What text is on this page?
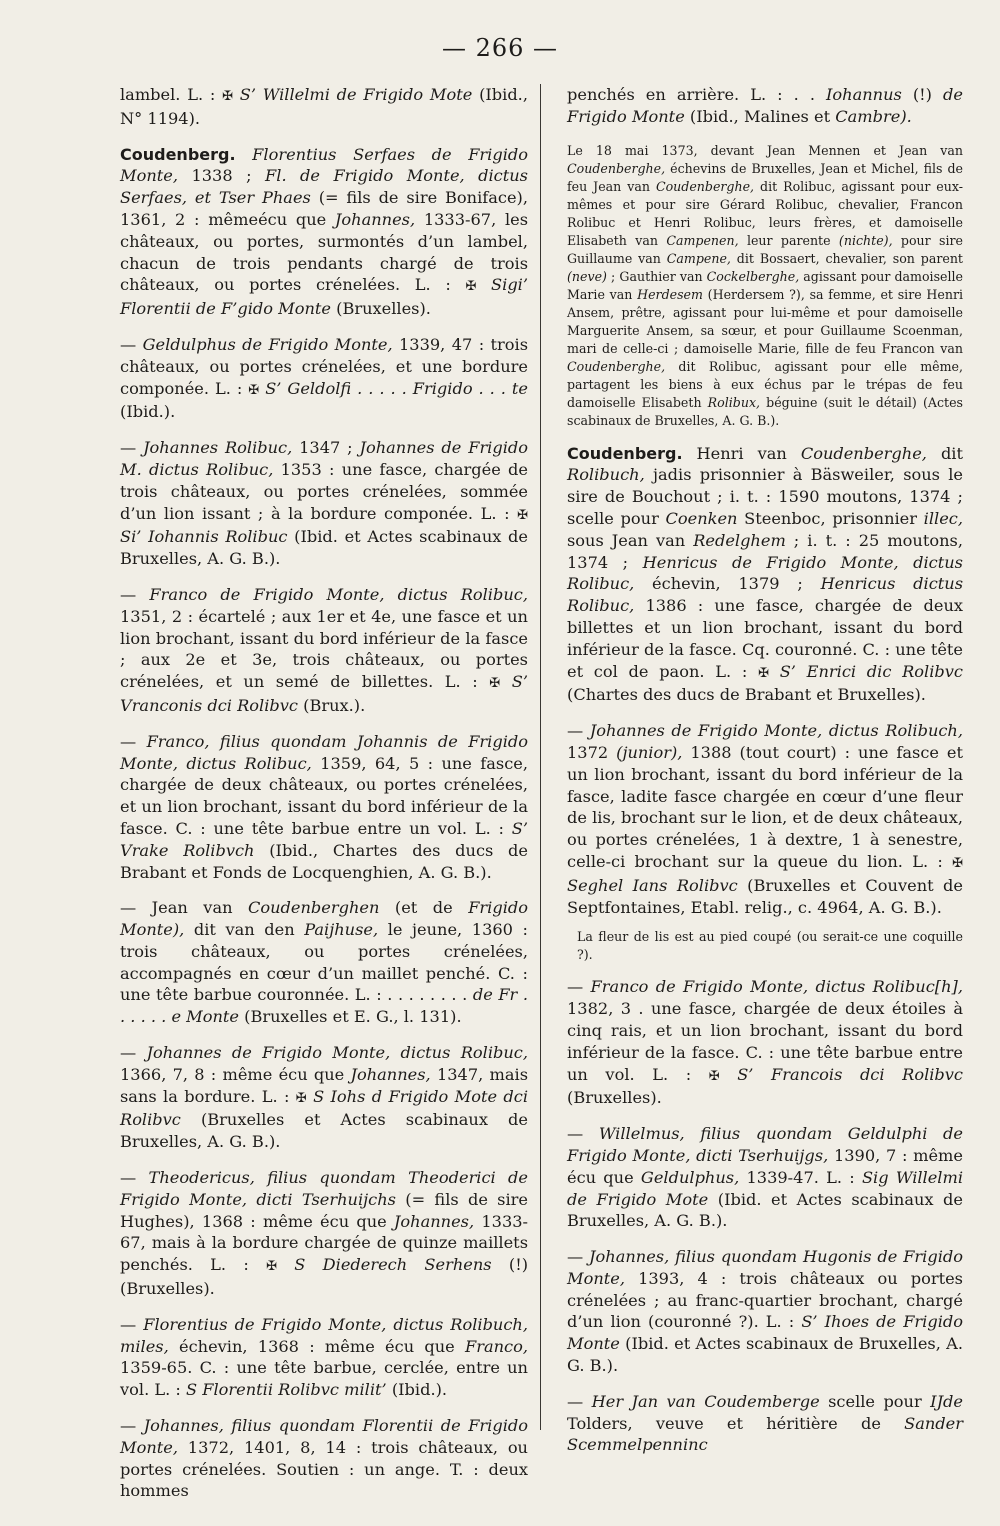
— 266 —

lambel. L. : ✠ S’ Willelmi de Frigido Mote (Ibid., N° 1194).

Coudenberg. Florentius Serfaes de Frigido Monte, 1338 ; Fl. de Frigido Monte, dictus Serfaes, et Tser Phaes (= fils de sire Boniface), 1361, 2 : mêmeécu que Johannes, 1333-67, les châteaux, ou portes, surmontés d’un lambel, chacun de trois pendants chargé de trois châteaux, ou portes crénelées. L. : ✠ Sigi’ Florentii de F’gido Monte (Bruxelles).

— Geldulphus de Frigido Monte, 1339, 47 : trois châteaux, ou portes crénelées, et une bordure componée. L. : ✠ S’ Geldolfi . . . . . Frigido . . . te (Ibid.).

— Johannes Rolibuc, 1347 ; Johannes de Frigido M. dictus Rolibuc, 1353 : une fasce, chargée de trois châteaux, ou portes crénelées, sommée d’un lion issant ; à la bordure componée. L. : ✠ Si’ Iohannis Rolibuc (Ibid. et Actes scabinaux de Bruxelles, A. G. B.).

— Franco de Frigido Monte, dictus Rolibuc, 1351, 2 : écartelé ; aux 1er et 4e, une fasce et un lion brochant, issant du bord inférieur de la fasce ; aux 2e et 3e, trois châteaux, ou portes crénelées, et un semé de billettes. L. : ✠ S’ Vranconis dci Rolibvc (Brux.).

— Franco, filius quondam Johannis de Frigido Monte, dictus Rolibuc, 1359, 64, 5 : une fasce, chargée de deux châteaux, ou portes crénelées, et un lion brochant, issant du bord inférieur de la fasce. C. : une tête barbue entre un vol. L. : S’ Vrake Rolibvch (Ibid., Chartes des ducs de Brabant et Fonds de Locquenghien, A. G. B.).

— Jean van Coudenberghen (et de Frigido Monte), dit van den Paijhuse, le jeune, 1360 : trois châteaux, ou portes crénelées, accompagnés en cœur d’un maillet penché. C. : une tête barbue couronnée. L. : . . . . . . . . de Fr . . . . . . e Monte (Bruxelles et E. G., l. 131).

— Johannes de Frigido Monte, dictus Rolibuc, 1366, 7, 8 : même écu que Johannes, 1347, mais sans la bordure. L. : ✠ S Iohs d Frigido Mote dci Rolibvc (Bruxelles et Actes scabinaux de Bruxelles, A. G. B.).

— Theodericus, filius quondam Theoderici de Frigido Monte, dicti Tserhuijchs (= fils de sire Hughes), 1368 : même écu que Johannes, 1333-67, mais à la bordure chargée de quinze maillets penchés. L. : ✠ S Diederech Serhens (!) (Bruxelles).

— Florentius de Frigido Monte, dictus Rolibuch, miles, échevin, 1368 : même écu que Franco, 1359-65. C. : une tête barbue, cerclée, entre un vol. L. : S Florentii Rolibvc milit’ (Ibid.).

— Johannes, filius quondam Florentii de Frigido Monte, 1372, 1401, 8, 14 : trois châteaux, ou portes crénelées. Soutien : un ange. T. : deux hommes

penchés en arrière. L. : . . Iohannus (!) de Frigido Monte (Ibid., Malines et Cambre).

Le 18 mai 1373, devant Jean Mennen et Jean van Coudenberghe, échevins de Bruxelles, Jean et Michel, fils de feu Jean van Coudenberghe, dit Rolibuc, agissant pour eux-mêmes et pour sire Gérard Rolibuc, chevalier, Francon Rolibuc et Henri Rolibuc, leurs frères, et damoiselle Elisabeth van Campenen, leur parente (nichte), pour sire Guillaume van Campene, dit Bossaert, chevalier, son parent (neve) ; Gauthier van Cockelberghe, agissant pour damoiselle Marie van Herdesem (Herdersem ?), sa femme, et sire Henri Ansem, prêtre, agissant pour lui-même et pour damoiselle Marguerite Ansem, sa sœur, et pour Guillaume Scoenman, mari de celle-ci ; damoiselle Marie, fille de feu Francon van Coudenberghe, dit Rolibuc, agissant pour elle même, partagent les biens à eux échus par le trépas de feu damoiselle Elisabeth Rolibux, béguine (suit le détail) (Actes scabinaux de Bruxelles, A. G. B.).

Coudenberg. Henri van Coudenberghe, dit Rolibuch, jadis prisonnier à Bäsweiler, sous le sire de Bouchout ; i. t. : 1590 moutons, 1374 ; scelle pour Coenken Steenboc, prisonnier illec, sous Jean van Redelghem ; i. t. : 25 moutons, 1374 ; Henricus de Frigido Monte, dictus Rolibuc, échevin, 1379 ; Henricus dictus Rolibuc, 1386 : une fasce, chargée de deux billettes et un lion brochant, issant du bord inférieur de la fasce. Cq. couronné. C. : une tête et col de paon. L. : ✠ S’ Enrici dic Rolibvc (Chartes des ducs de Brabant et Bruxelles).

— Johannes de Frigido Monte, dictus Rolibuch, 1372 (junior), 1388 (tout court) : une fasce et un lion brochant, issant du bord inférieur de la fasce, ladite fasce chargée en cœur d’une fleur de lis, brochant sur le lion, et de deux châteaux, ou portes crénelées, 1 à dextre, 1 à senestre, celle-ci brochant sur la queue du lion. L. : ✠ Seghel Ians Rolibvc (Bruxelles et Couvent de Septfontaines, Etabl. relig., c. 4964, A. G. B.).

La fleur de lis est au pied coupé (ou serait-ce une coquille ?).

— Franco de Frigido Monte, dictus Rolibuc[h], 1382, 3 . une fasce, chargée de deux étoiles à cinq rais, et un lion brochant, issant du bord inférieur de la fasce. C. : une tête barbue entre un vol. L. : ✠ S’ Francois dci Rolibvc (Bruxelles).

— Willelmus, filius quondam Geldulphi de Frigido Monte, dicti Tserhuijgs, 1390, 7 : même écu que Geldulphus, 1339-47. L. : Sig Willelmi de Frigido Mote (Ibid. et Actes scabinaux de Bruxelles, A. G. B.).

— Johannes, filius quondam Hugonis de Frigido Monte, 1393, 4 : trois châteaux ou portes crénelées ; au franc-quartier brochant, chargé d’un lion (couronné ?). L. : S’ Ihoes de Frigido Monte (Ibid. et Actes scabinaux de Bruxelles, A. G. B.).

— Her Jan van Coudemberge scelle pour IJde Tolders, veuve et héritière de Sander Scemmelpenninc
